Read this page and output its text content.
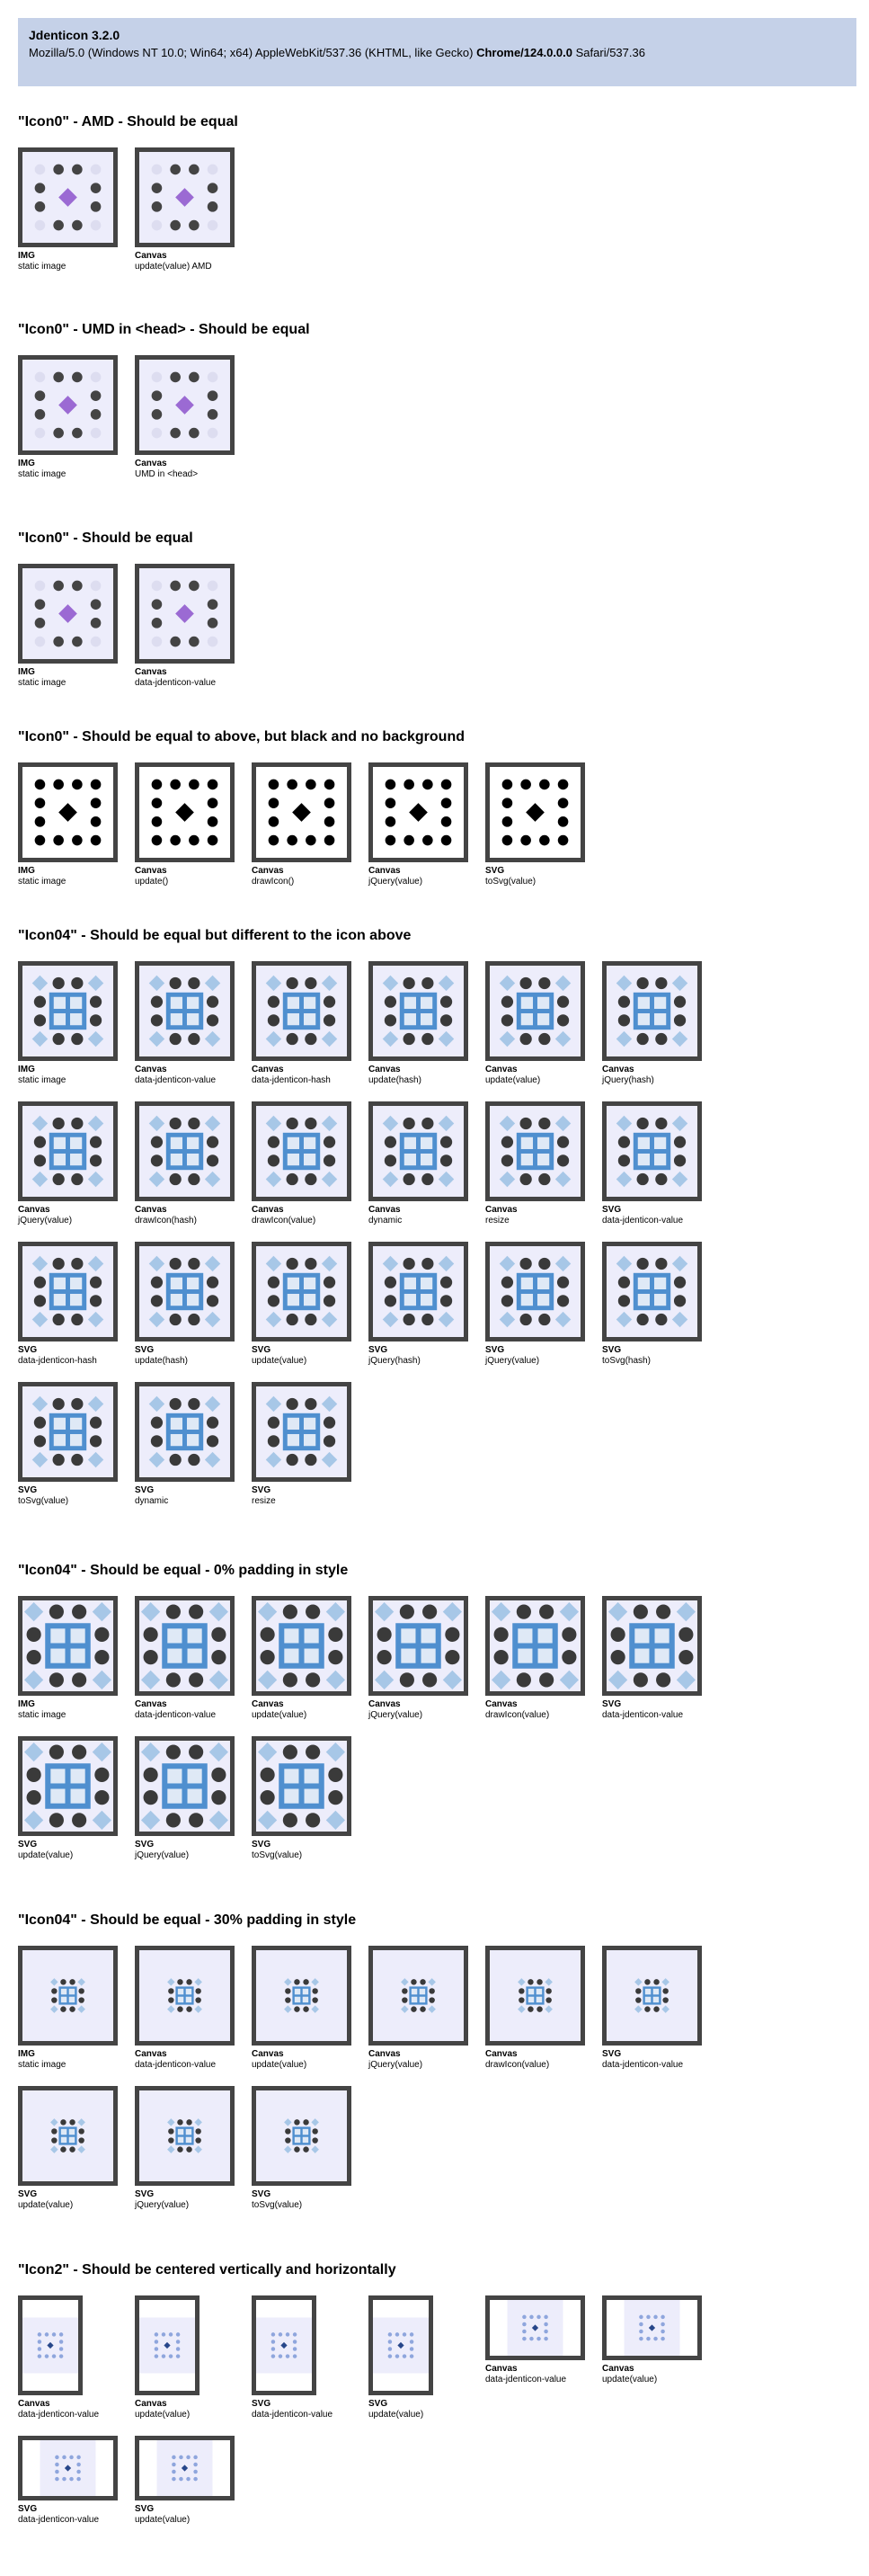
Jdenticon 3.2.0
Mozilla/5.0 (Windows NT 10.0; Win64; x64) AppleWebKit/537.36 (KHTML, like Gecko) Chrome/124.0.0.0 Safari/537.36
"Icon0" - AMD - Should be equal
IMG
static image
Canvas
update(value) AMD
"Icon0" - UMD in <head> - Should be equal
IMG
static image
Canvas
UMD in <head>
"Icon0" - Should be equal
IMG
static image
Canvas
data-jdenticon-value
"Icon0" - Should be equal to above, but black and no background
IMG
static image
Canvas
update()
Canvas
drawIcon()
Canvas
jQuery(value)
SVG
toSvg(value)
"Icon04" - Should be equal but different to the icon above
IMG
static image
Canvas
data-jdenticon-value
Canvas
data-jdenticon-hash
Canvas
update(hash)
Canvas
update(value)
Canvas
jQuery(hash)
Canvas
jQuery(value)
Canvas
drawIcon(hash)
Canvas
drawIcon(value)
Canvas
dynamic
Canvas
resize
SVG
data-jdenticon-value
SVG
data-jdenticon-hash
SVG
update(hash)
SVG
update(value)
SVG
jQuery(hash)
SVG
jQuery(value)
SVG
toSvg(hash)
SVG
toSvg(value)
SVG
dynamic
SVG
resize
"Icon04" - Should be equal - 0% padding in style
IMG
static image
Canvas
data-jdenticon-value
Canvas
update(value)
Canvas
jQuery(value)
Canvas
drawIcon(value)
SVG
data-jdenticon-value
SVG
update(value)
SVG
jQuery(value)
SVG
toSvg(value)
"Icon04" - Should be equal - 30% padding in style
IMG
static image
Canvas
data-jdenticon-value
Canvas
update(value)
Canvas
jQuery(value)
Canvas
drawIcon(value)
SVG
data-jdenticon-value
SVG
update(value)
SVG
jQuery(value)
SVG
toSvg(value)
"Icon2" - Should be centered vertically and horizontally
Canvas
data-jdenticon-value
Canvas
update(value)
SVG
data-jdenticon-value
SVG
update(value)
Canvas
data-jdenticon-value
Canvas
update(value)
SVG
data-jdenticon-value
SVG
update(value)
